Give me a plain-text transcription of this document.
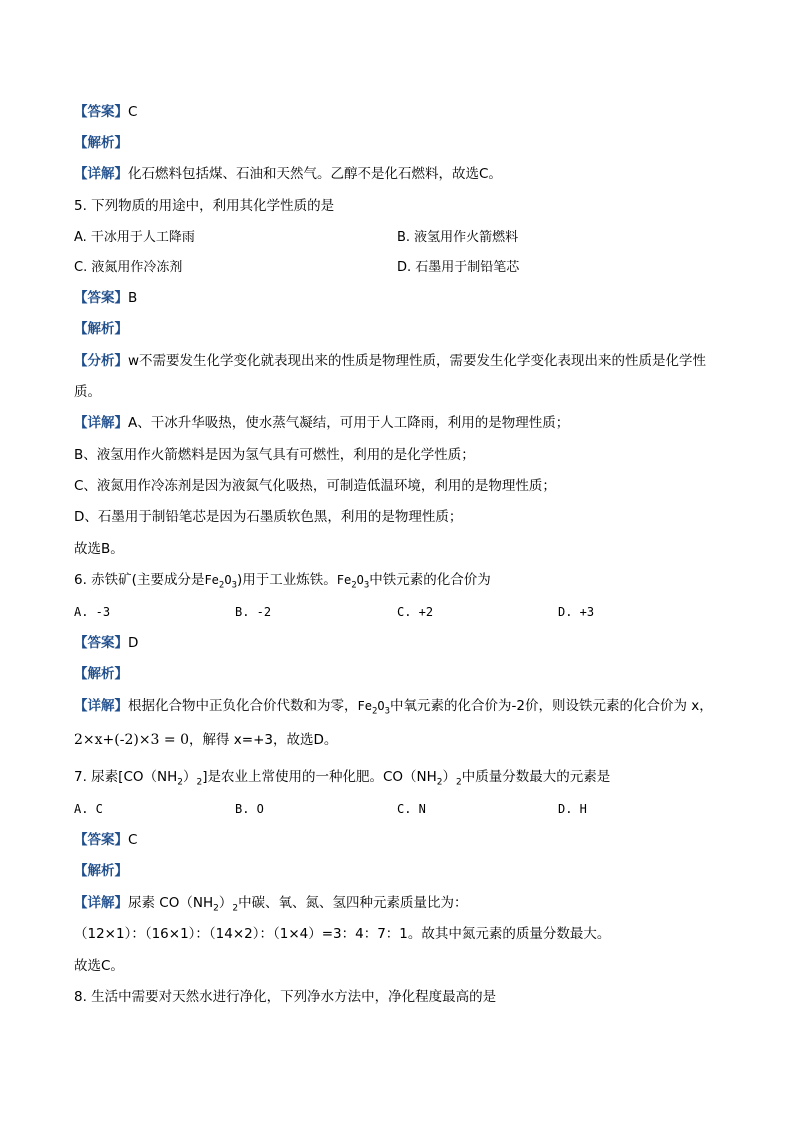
【答案】C
【解析】
【详解】化石燃料包括煤、石油和天然气。乙醇不是化石燃料，故选C。
5. 下列物质的用途中，利用其化学性质的是
A. 干冰用于人工降雨	B. 液氢用作火箭燃料
C. 液氮用作冷冻剂	D. 石墨用于制铅笔芯
【答案】B
【解析】
【分析】w不需要发生化学变化就表现出来的性质是物理性质，需要发生化学变化表现出来的性质是化学性
质。
【详解】A、干冰升华吸热，使水蒸气凝结，可用于人工降雨，利用的是物理性质；
B、液氢用作火箭燃料是因为氢气具有可燃性，利用的是化学性质；
C、液氮用作冷冻剂是因为液氮气化吸热，可制造低温环境，利用的是物理性质；
D、石墨用于制铅笔芯是因为石墨质软色黑，利用的是物理性质；
故选B。
6. 赤铁矿(主要成分是$Fe_2O_3$)用于工业炼铁。$Fe_2O_3$中铁元素的化合价为
A. -3	B. -2	C. +2	D. +3
【答案】D
【解析】
【详解】根据化合物中正负化合价代数和为零，$Fe_2O_3$中氧元素的化合价为-2价，则设铁元素的化合价为 x，
2×x+(-2)×3 = 0，解得 x=+3，故选D。
7. 尿素$[CO(NH_2)_2]$是农业上常使用的一种化肥。$CO(NH_2)_2$中质量分数最大的元素是
A. C	B. O	C. N	D. H
【答案】C
【解析】
【详解】尿素 $CO(NH_2)_2$中碳、氧、氮、氢四种元素质量比为：
（12×1）：（16×1）：（14×2）：（1×4）=3：4：7：1。故其中氮元素的质量分数最大。
故选C。
8. 生活中需要对天然水进行净化，下列净水方法中，净化程度最高的是
